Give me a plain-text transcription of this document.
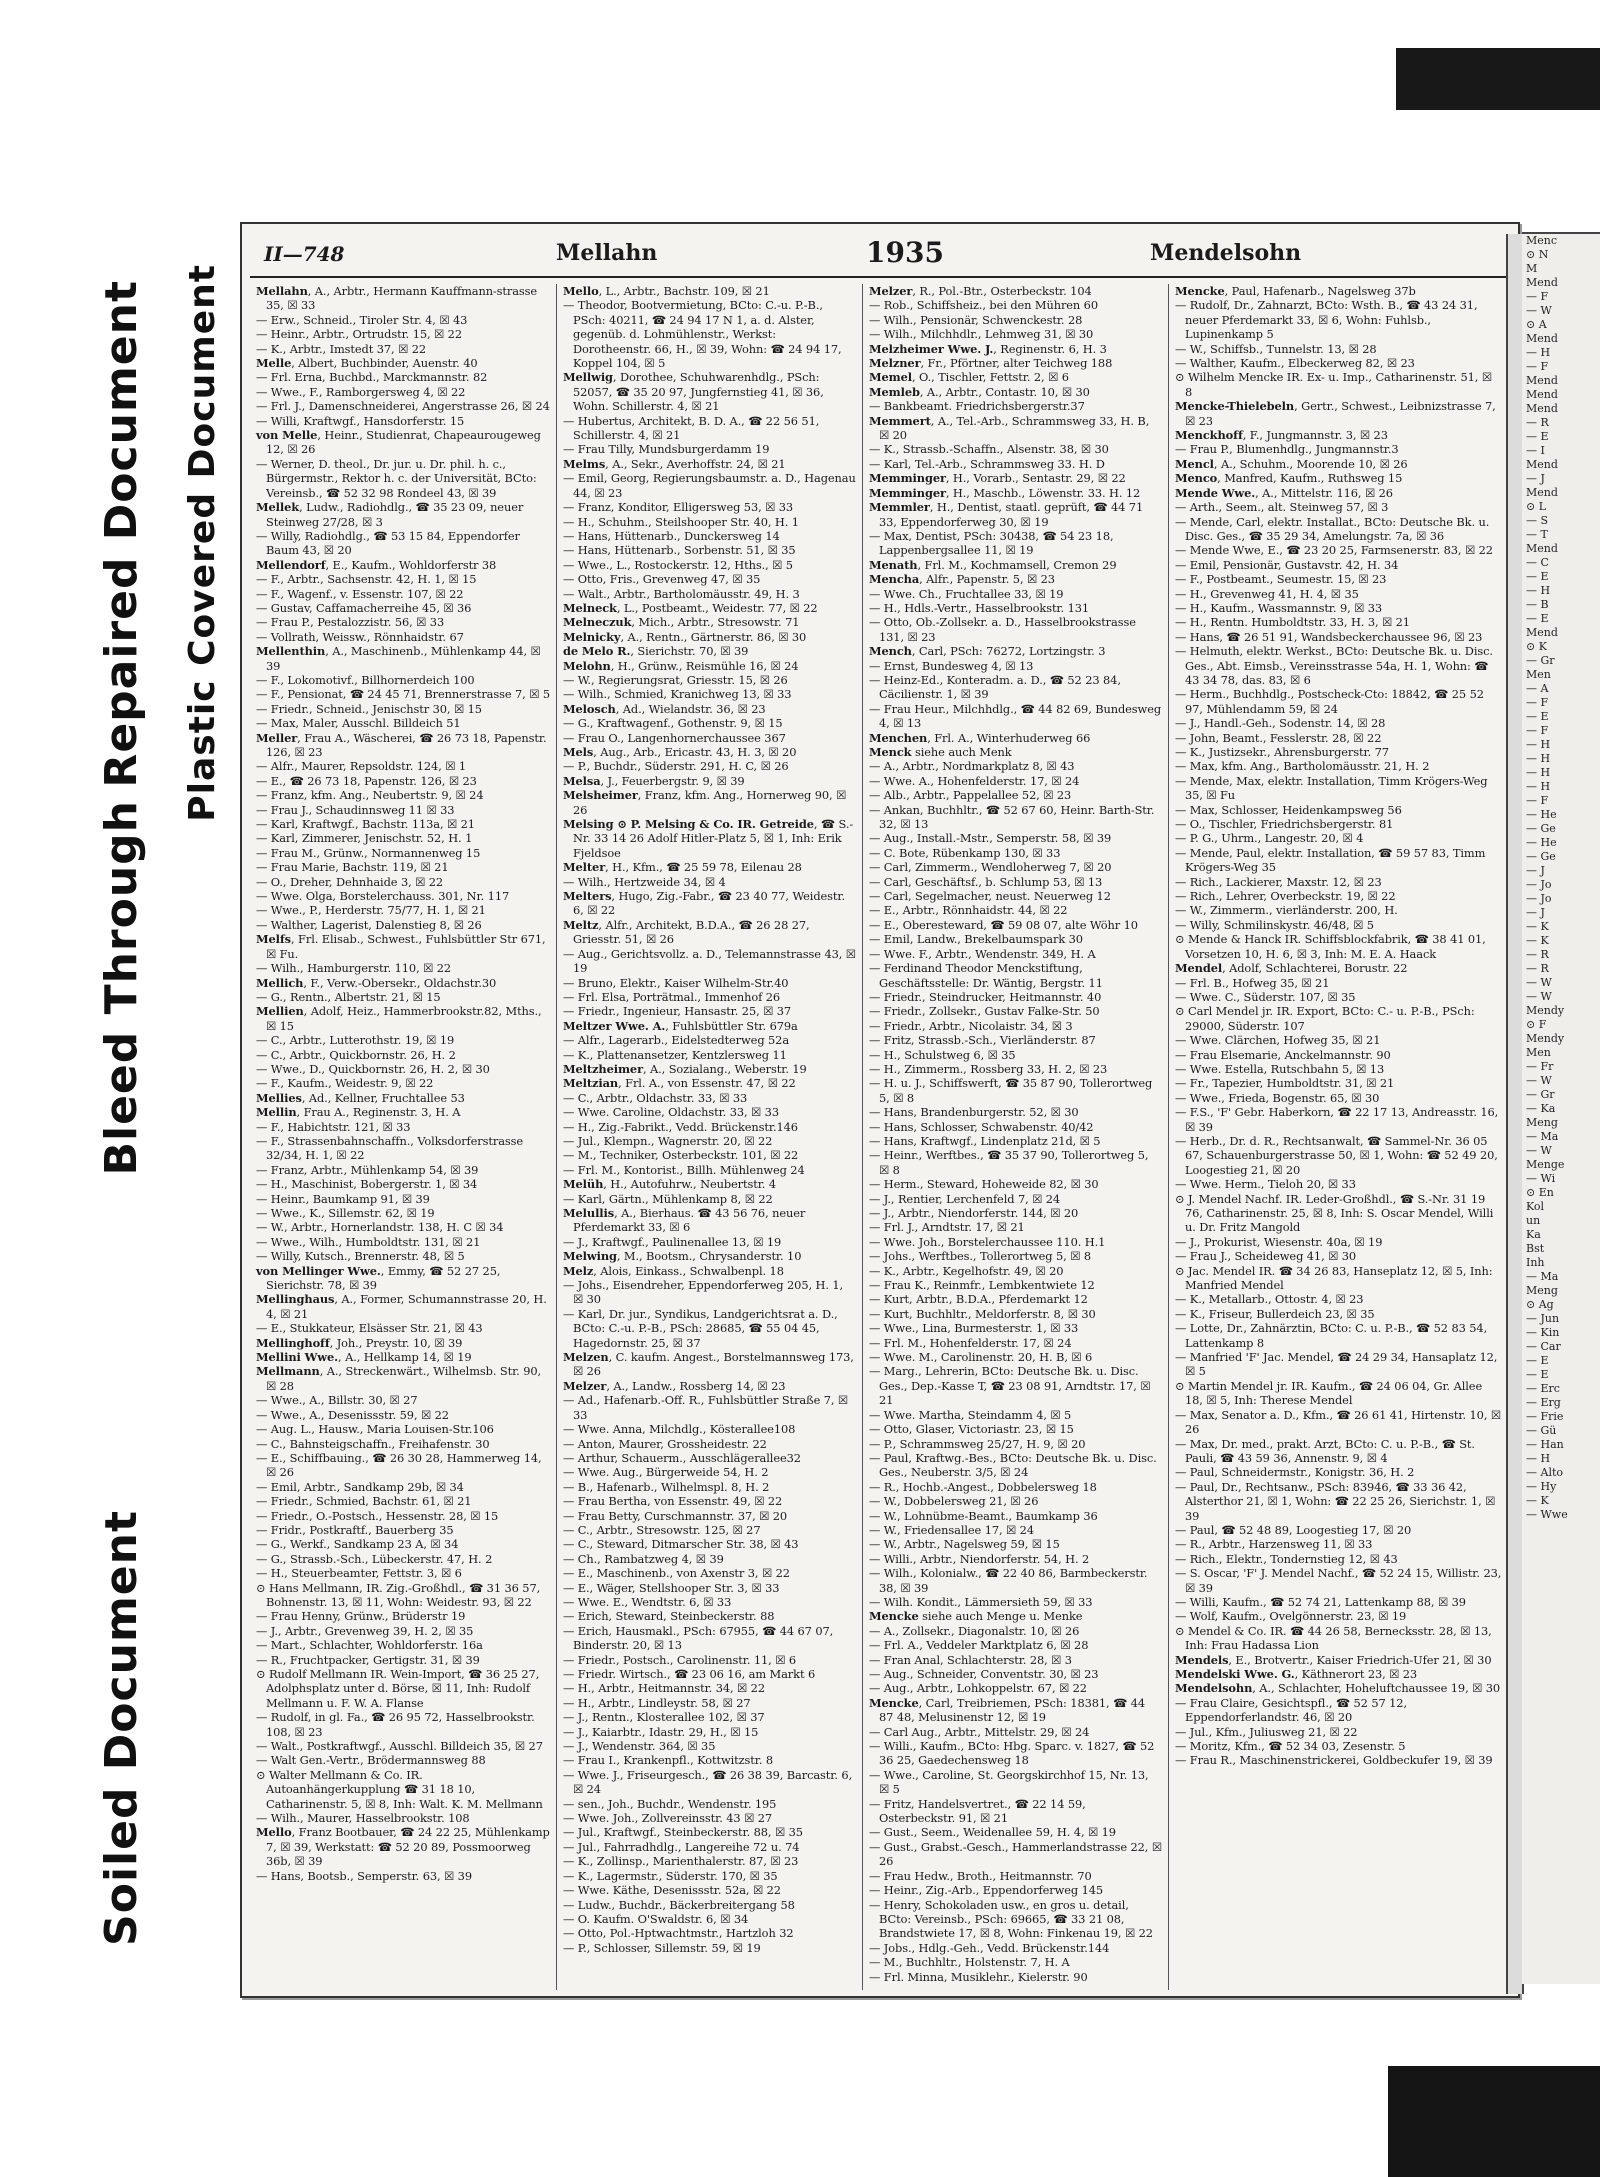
Soiled Document
Bleed Through
Repaired Document Plastic Covered Document
II—748	Mellahn	1935	Mendelsohn

Mellahn, A., Arbtr., Hermann Kauffmann-strasse 35, ☒ 33

— Erw., Schneid., Tiroler Str. 4, ☒ 43

— Heinr., Arbtr., Ortrudstr. 15, ☒ 22

— K., Arbtr., Imstedt 37, ☒ 22

Melle, Albert, Buchbinder, Auenstr. 40

— Frl. Erna, Buchbd., Marckmannstr. 82

— Wwe., F., Ramborgersweg 4, ☒ 22

— Frl. J., Damenschneiderei, Angerstrasse 26, ☒ 24

— Willi, Kraftwgf., Hansdorferstr. 15

von Melle, Heinr., Studienrat, Chapeaurougeweg 12, ☒ 26

— Werner, D. theol., Dr. jur. u. Dr. phil. h. c., Bürgermstr., Rektor h. c. der Universität, BCto: Vereinsb., ☎ 52 32 98 Rondeel 43, ☒ 39

Mellek, Ludw., Radiohdlg., ☎ 35 23 09, neuer Steinweg 27/28, ☒ 3

— Willy, Radiohdlg., ☎ 53 15 84, Eppendorfer Baum 43, ☒ 20

Mellendorf, E., Kaufm., Wohldorferstr 38

— F., Arbtr., Sachsenstr. 42, H. 1, ☒ 15

— F., Wagenf., v. Essenstr. 107, ☒ 22

— Gustav, Caffamacherreihe 45, ☒ 36

— Frau P., Pestalozzistr. 56, ☒ 33

— Vollrath, Weissw., Rönnhaidstr. 67

Mellenthin, A., Maschinenb., Mühlenkamp 44, ☒ 39

— F., Lokomotivf., Billhornerdeich 100

— F., Pensionat, ☎ 24 45 71, Brennerstrasse 7, ☒ 5

— Friedr., Schneid., Jenischstr 30, ☒ 15

— Max, Maler, Ausschl. Billdeich 51

Meller, Frau A., Wäscherei, ☎ 26 73 18, Papenstr. 126, ☒ 23

— Alfr., Maurer, Repsoldstr. 124, ☒ 1

— E., ☎ 26 73 18, Papenstr. 126, ☒ 23

— Franz, kfm. Ang., Neubertstr. 9, ☒ 24

— Frau J., Schaudinnsweg 11 ☒ 33

— Karl, Kraftwgf., Bachstr. 113a, ☒ 21

— Karl, Zimmerer, Jenischstr. 52, H. 1

— Frau M., Grünw., Normannenweg 15

— Frau Marie, Bachstr. 119, ☒ 21

— O., Dreher, Dehnhaide 3, ☒ 22

— Wwe. Olga, Borstelerchauss. 301, Nr. 117

— Wwe., P., Herderstr. 75/77, H. 1, ☒ 21

— Walther, Lagerist, Dalenstieg 8, ☒ 26

Melfs, Frl. Elisab., Schwest., Fuhlsbüttler Str 671, ☒ Fu.

— Wilh., Hamburgerstr. 110, ☒ 22

Mellich, F., Verw.-Obersekr., Oldachstr.30

— G., Rentn., Albertstr. 21, ☒ 15

Mellien, Adolf, Heiz., Hammerbrookstr.82, Mths., ☒ 15

— C., Arbtr., Lutterothstr. 19, ☒ 19

— C., Arbtr., Quickbornstr. 26, H. 2

— Wwe., D., Quickbornstr. 26, H. 2, ☒ 30

— F., Kaufm., Weidestr. 9, ☒ 22

Mellies, Ad., Kellner, Fruchtallee 53

Mellin, Frau A., Reginenstr. 3, H. A

— F., Habichtstr. 121, ☒ 33

— F., Strassenbahnschaffn., Volksdorferstrasse 32/34, H. 1, ☒ 22

— Franz, Arbtr., Mühlenkamp 54, ☒ 39

— H., Maschinist, Bobergerstr. 1, ☒ 34

— Heinr., Baumkamp 91, ☒ 39

— Wwe., K., Sillemstr. 62, ☒ 19

— W., Arbtr., Hornerlandstr. 138, H. C ☒ 34

— Wwe., Wilh., Humboldtstr. 131, ☒ 21

— Willy, Kutsch., Brennerstr. 48, ☒ 5

von Mellinger Wwe., Emmy, ☎ 52 27 25, Sierichstr. 78, ☒ 39

Mellinghaus, A., Former, Schumannstrasse 20, H. 4, ☒ 21

— E., Stukkateur, Elsässer Str. 21, ☒ 43

Mellinghoff, Joh., Preystr. 10, ☒ 39

Mellini Wwe., A., Hellkamp 14, ☒ 19

Mellmann, A., Streckenwärt., Wilhelmsb. Str. 90, ☒ 28

— Wwe., A., Billstr. 30, ☒ 27

— Wwe., A., Desenissstr. 59, ☒ 22

— Aug. L., Hausw., Maria Louisen-Str.106

— C., Bahnsteigschaffn., Freihafenstr. 30

— E., Schiffbauing., ☎ 26 30 28, Hammerweg 14, ☒ 26

— Emil, Arbtr., Sandkamp 29b, ☒ 34

— Friedr., Schmied, Bachstr. 61, ☒ 21

— Friedr., O.-Postsch., Hessenstr. 28, ☒ 15

— Fridr., Postkraftf., Bauerberg 35

— G., Werkf., Sandkamp 23 A, ☒ 34

— G., Strassb.-Sch., Lübeckerstr. 47, H. 2

— H., Steuerbeamter, Fettstr. 3, ☒ 6

⊙ Hans Mellmann, IR. Zig.-Großhdl., ☎ 31 36 57, Bohnenstr. 13, ☒ 11, Wohn: Weidestr. 93, ☒ 22

— Frau Henny, Grünw., Brüderstr 19

— J., Arbtr., Grevenweg 39, H. 2, ☒ 35

— Mart., Schlachter, Wohldorferstr. 16a

— R., Fruchtpacker, Gertigstr. 31, ☒ 39

⊙ Rudolf Mellmann IR. Wein-Import, ☎ 36 25 27, Adolphsplatz unter d. Börse, ☒ 11, Inh: Rudolf Mellmann u. F. W. A. Flanse

— Rudolf, in gl. Fa., ☎ 26 95 72, Hasselbrookstr. 108, ☒ 23

— Walt., Postkraftwgf., Ausschl. Billdeich 35, ☒ 27

— Walt Gen.-Vertr., Brödermannsweg 88

⊙ Walter Mellmann & Co. IR. Autoanhängerkupplung ☎ 31 18 10, Catharinenstr. 5, ☒ 8, Inh: Walt. K. M. Mellmann

— Wilh., Maurer, Hasselbrookstr. 108

Mello, Franz Bootbauer, ☎ 24 22 25, Mühlenkamp 7, ☒ 39, Werkstatt: ☎ 52 20 89, Possmoorweg 36b, ☒ 39

— Hans, Bootsb., Semperstr. 63, ☒ 39

Mello, L., Arbtr., Bachstr. 109, ☒ 21

— Theodor, Bootvermietung, BCto: C.-u. P.-B., PSch: 40211, ☎ 24 94 17 N 1, a. d. Alster, gegenüb. d. Lohmühlenstr., Werkst: Dorotheenstr. 66, H., ☒ 39, Wohn: ☎ 24 94 17, Koppel 104, ☒ 5

Mellwig, Dorothee, Schuhwarenhdlg., PSch: 52057, ☎ 35 20 97, Jungfernstieg 41, ☒ 36, Wohn. Schillerstr. 4, ☒ 21

— Hubertus, Architekt, B. D. A., ☎ 22 56 51, Schillerstr. 4, ☒ 21

— Frau Tilly, Mundsburgerdamm 19

Melms, A., Sekr., Averhoffstr. 24, ☒ 21

— Emil, Georg, Regierungsbaumstr. a. D., Hagenau 44, ☒ 23

— Franz, Konditor, Elligersweg 53, ☒ 33

— H., Schuhm., Steilshooper Str. 40, H. 1

— Hans, Hüttenarb., Dunckersweg 14

— Hans, Hüttenarb., Sorbenstr. 51, ☒ 35

— Wwe., L., Rostockerstr. 12, Hths., ☒ 5

— Otto, Fris., Grevenweg 47, ☒ 35

— Walt., Arbtr., Bartholomäusstr. 49, H. 3

Melneck, L., Postbeamt., Weidestr. 77, ☒ 22

Melneczuk, Mich., Arbtr., Stresowstr. 71

Melnicky, A., Rentn., Gärtnerstr. 86, ☒ 30

de Melo R., Sierichstr. 70, ☒ 39

Melohn, H., Grünw., Reismühle 16, ☒ 24

— W., Regierungsrat, Griesstr. 15, ☒ 26

— Wilh., Schmied, Kranichweg 13, ☒ 33

Melosch, Ad., Wielandstr. 36, ☒ 23

— G., Kraftwagenf., Gothenstr. 9, ☒ 15

— Frau O., Langenhornerchaussee 367

Mels, Aug., Arb., Ericastr. 43, H. 3, ☒ 20

— P., Buchdr., Süderstr. 291, H. C, ☒ 26

Melsa, J., Feuerbergstr. 9, ☒ 39

Melsheimer, Franz, kfm. Ang., Hornerweg 90, ☒ 26

Melsing ⊙ P. Melsing & Co. IR. Getreide, ☎ S.-Nr. 33 14 26 Adolf Hitler-Platz 5, ☒ 1, Inh: Erik Fjeldsoe

Melter, H., Kfm., ☎ 25 59 78, Eilenau 28

— Wilh., Hertzweide 34, ☒ 4

Melters, Hugo, Zig.-Fabr., ☎ 23 40 77, Weidestr. 6, ☒ 22

Meltz, Alfr., Architekt, B.D.A., ☎ 26 28 27, Griesstr. 51, ☒ 26

— Aug., Gerichtsvollz. a. D., Telemannstrasse 43, ☒ 19

— Bruno, Elektr., Kaiser Wilhelm-Str.40

— Frl. Elsa, Porträtmal., Immenhof 26

— Friedr., Ingenieur, Hansastr. 25, ☒ 37

Meltzer Wwe. A., Fuhlsbüttler Str. 679a

— Alfr., Lagerarb., Eidelstedterweg 52a

— K., Plattenansetzer, Kentzlersweg 11

Meltzheimer, A., Sozialang., Weberstr. 19

Meltzian, Frl. A., von Essenstr. 47, ☒ 22

— C., Arbtr., Oldachstr. 33, ☒ 33

— Wwe. Caroline, Oldachstr. 33, ☒ 33

— H., Zig.-Fabrikt., Vedd. Brückenstr.146

— Jul., Klempn., Wagnerstr. 20, ☒ 22

— M., Techniker, Osterbeckstr. 101, ☒ 22

— Frl. M., Kontorist., Billh. Mühlenweg 24

Melüh, H., Autofuhrw., Neubertstr. 4

— Karl, Gärtn., Mühlenkamp 8, ☒ 22

Melullis, A., Bierhaus. ☎ 43 56 76, neuer Pferdemarkt 33, ☒ 6

— J., Kraftwgf., Paulinenallee 13, ☒ 19

Melwing, M., Bootsm., Chrysanderstr. 10

Melz, Alois, Einkass., Schwalbenpl. 18

— Johs., Eisendreher, Eppendorferweg 205, H. 1, ☒ 30

— Karl, Dr. jur., Syndikus, Landgerichtsrat a. D., BCto: C.-u. P.-B., PSch: 28685, ☎ 55 04 45, Hagedornstr. 25, ☒ 37

Melzen, C. kaufm. Angest., Borstelmannsweg 173, ☒ 26

Melzer, A., Landw., Rossberg 14, ☒ 23

— Ad., Hafenarb.-Off. R., Fuhlsbüttler Straße 7, ☒ 33

— Wwe. Anna, Milchdlg., Kösterallee108

— Anton, Maurer, Grossheidestr. 22

— Arthur, Schauerm., Ausschlägerallee32

— Wwe. Aug., Bürgerweide 54, H. 2

— B., Hafenarb., Wilhelmspl. 8, H. 2

— Frau Bertha, von Essenstr. 49, ☒ 22

— Frau Betty, Curschmannstr. 37, ☒ 20

— C., Arbtr., Stresowstr. 125, ☒ 27

— C., Steward, Ditmarscher Str. 38, ☒ 43

— Ch., Rambatzweg 4, ☒ 39

— E., Maschinenb., von Axenstr 3, ☒ 22

— E., Wäger, Stellshooper Str. 3, ☒ 33

— Wwe. E., Wendtstr. 6, ☒ 33

— Erich, Steward, Steinbeckerstr. 88

— Erich, Hausmakl., PSch: 67955, ☎ 44 67 07, Binderstr. 20, ☒ 13

— Friedr., Postsch., Carolinenstr. 11, ☒ 6

— Friedr. Wirtsch., ☎ 23 06 16, am Markt 6

— H., Arbtr., Heitmannstr. 34, ☒ 22

— H., Arbtr., Lindleystr. 58, ☒ 27

— J., Rentn., Klosterallee 102, ☒ 37

— J., Kaiarbtr., Idastr. 29, H., ☒ 15

— J., Wendenstr. 364, ☒ 35

— Frau I., Krankenpfl., Kottwitzstr. 8

— Wwe. J., Friseurgesch., ☎ 26 38 39, Barcastr. 6, ☒ 24

— sen., Joh., Buchdr., Wendenstr. 195

— Wwe. Joh., Zollvereinsstr. 43 ☒ 27

— Jul., Kraftwgf., Steinbeckerstr. 88, ☒ 35

— Jul., Fahrradhdlg., Langereihe 72 u. 74

— K., Zollinsp., Marienthalerstr. 87, ☒ 23

— K., Lagermstr., Süderstr. 170, ☒ 35

— Wwe. Käthe, Desenissstr. 52a, ☒ 22

— Ludw., Buchdr., Bäckerbreitergang 58

— O. Kaufm. O'Swaldstr. 6, ☒ 34

— Otto, Pol.-Hptwachtmstr., Hartzloh 32

— P., Schlosser, Sillemstr. 59, ☒ 19

Melzer, R., Pol.-Btr., Osterbeckstr. 104

— Rob., Schiffsheiz., bei den Mühren 60

— Wilh., Pensionär, Schwenckestr. 28

— Wilh., Milchhdlr., Lehmweg 31, ☒ 30

Melzheimer Wwe. J., Reginenstr. 6, H. 3

Melzner, Fr., Pförtner, alter Teichweg 188

Memel, O., Tischler, Fettstr. 2, ☒ 6

Memleb, A., Arbtr., Contastr. 10, ☒ 30

— Bankbeamt. Friedrichsbergerstr.37

Memmert, A., Tel.-Arb., Schrammsweg 33, H. B, ☒ 20

— K., Strassb.-Schaffn., Alsenstr. 38, ☒ 30

— Karl, Tel.-Arb., Schrammsweg 33. H. D

Memminger, H., Vorarb., Sentastr. 29, ☒ 22

Memminger, H., Maschb., Löwenstr. 33. H. 12

Memmler, H., Dentist, staatl. geprüft, ☎ 44 71 33, Eppendorferweg 30, ☒ 19

— Max, Dentist, PSch: 30438, ☎ 54 23 18, Lappenbergsallee 11, ☒ 19

Menath, Frl. M., Kochmamsell, Cremon 29

Mencha, Alfr., Papenstr. 5, ☒ 23

— Wwe. Ch., Fruchtallee 33, ☒ 19

— H., Hdls.-Vertr., Hasselbrookstr. 131

— Otto, Ob.-Zollsekr. a. D., Hasselbrookstrasse 131, ☒ 23

Mench, Carl, PSch: 76272, Lortzingstr. 3

— Ernst, Bundesweg 4, ☒ 13

— Heinz-Ed., Konteradm. a. D., ☎ 52 23 84, Cäcilienstr. 1, ☒ 39

— Frau Heur., Milchhdlg., ☎ 44 82 69, Bundesweg 4, ☒ 13

Menchen, Frl. A., Winterhuderweg 66

Menck siehe auch Menk

— A., Arbtr., Nordmarkplatz 8, ☒ 43

— Wwe. A., Hohenfelderstr. 17, ☒ 24

— Alb., Arbtr., Pappelallee 52, ☒ 23

— Ankan, Buchhltr., ☎ 52 67 60, Heinr. Barth-Str. 32, ☒ 13

— Aug., Install.-Mstr., Semperstr. 58, ☒ 39

— C. Bote, Rübenkamp 130, ☒ 33

— Carl, Zimmerm., Wendloherweg 7, ☒ 20

— Carl, Geschäftsf., b. Schlump 53, ☒ 13

— Carl, Segelmacher, neust. Neuerweg 12

— E., Arbtr., Rönnhaidstr. 44, ☒ 22

— E., Oberesteward, ☎ 59 08 07, alte Wöhr 10

— Emil, Landw., Brekelbaumspark 30

— Wwe. F., Arbtr., Wendenstr. 349, H. A

— Ferdinand Theodor Menckstiftung, Geschäftsstelle: Dr. Wäntig, Bergstr. 11

— Friedr., Steindrucker, Heitmannstr. 40

— Friedr., Zollsekr., Gustav Falke-Str. 50

— Friedr., Arbtr., Nicolaistr. 34, ☒ 3

— Fritz, Strassb.-Sch., Vierländerstr. 87

— H., Schulstweg 6, ☒ 35

— H., Zimmerm., Rossberg 33, H. 2, ☒ 23

— H. u. J., Schiffswerft, ☎ 35 87 90, Tollerortweg 5, ☒ 8

— Hans, Brandenburgerstr. 52, ☒ 30

— Hans, Schlosser, Schwabenstr. 40/42

— Hans, Kraftwgf., Lindenplatz 21d, ☒ 5

— Heinr., Werftbes., ☎ 35 37 90, Tollerortweg 5, ☒ 8

— Herm., Steward, Hoheweide 82, ☒ 30

— J., Rentier, Lerchenfeld 7, ☒ 24

— J., Arbtr., Niendorferstr. 144, ☒ 20

— Frl. J., Arndtstr. 17, ☒ 21

— Wwe. Joh., Borstelerchaussee 110. H.1

— Johs., Werftbes., Tollerortweg 5, ☒ 8

— K., Arbtr., Kegelhofstr. 49, ☒ 20

— Frau K., Reinmfr., Lembkentwiete 12

— Kurt, Arbtr., B.D.A., Pferdemarkt 12

— Kurt, Buchhltr., Meldorferstr. 8, ☒ 30

— Wwe., Lina, Burmesterstr. 1, ☒ 33

— Frl. M., Hohenfelderstr. 17, ☒ 24

— Wwe. M., Carolinenstr. 20, H. B, ☒ 6

— Marg., Lehrerin, BCto: Deutsche Bk. u. Disc. Ges., Dep.-Kasse T, ☎ 23 08 91, Arndtstr. 17, ☒ 21

— Wwe. Martha, Steindamm 4, ☒ 5

— Otto, Glaser, Victoriastr. 23, ☒ 15

— P., Schrammsweg 25/27, H. 9, ☒ 20

— Paul, Kraftwg.-Bes., BCto: Deutsche Bk. u. Disc. Ges., Neuberstr. 3/5, ☒ 24

— R., Hochb.-Angest., Dobbelersweg 18

— W., Dobbelersweg 21, ☒ 26

— W., Lohnübme-Beamt., Baumkamp 36

— W., Friedensallee 17, ☒ 24

— W., Arbtr., Nagelsweg 59, ☒ 15

— Willi., Arbtr., Niendorferstr. 54, H. 2

— Wilh., Kolonialw., ☎ 22 40 86, Barmbeckerstr. 38, ☒ 39

— Wilh. Kondit., Lämmersieth 59, ☒ 33

Mencke siehe auch Menge u. Menke

— A., Zollsekr., Diagonalstr. 10, ☒ 26

— Frl. A., Veddeler Marktplatz 6, ☒ 28

— Fran Anal, Schlachterstr. 28, ☒ 3

— Aug., Schneider, Conventstr. 30, ☒ 23

— Aug., Arbtr., Lohkoppelstr. 67, ☒ 22

Mencke, Carl, Treibriemen, PSch: 18381, ☎ 44 87 48, Melusinenstr 12, ☒ 19

— Carl Aug., Arbtr., Mittelstr. 29, ☒ 24

— Willi., Kaufm., BCto: Hbg. Sparc. v. 1827, ☎ 52 36 25, Gaedechensweg 18

— Wwe., Caroline, St. Georgskirchhof 15, Nr. 13, ☒ 5

— Fritz, Handelsvertret., ☎ 22 14 59, Osterbeckstr. 91, ☒ 21

— Gust., Seem., Weidenallee 59, H. 4, ☒ 19

— Gust., Grabst.-Gesch., Hammerlandstrasse 22, ☒ 26

— Frau Hedw., Broth., Heitmannstr. 70

— Heinr., Zig.-Arb., Eppendorferweg 145

— Henry, Schokoladen usw., en gros u. detail, BCto: Vereinsb., PSch: 69665, ☎ 33 21 08, Brandstwiete 17, ☒ 8, Wohn: Finkenau 19, ☒ 22

— Jobs., Hdlg.-Geh., Vedd. Brückenstr.144

— M., Buchhltr., Holstenstr. 7, H. A

— Frl. Minna, Musiklehr., Kielerstr. 90

Mencke, Paul, Hafenarb., Nagelsweg 37b

— Rudolf, Dr., Zahnarzt, BCto: Wsth. B., ☎ 43 24 31, neuer Pferdemarkt 33, ☒ 6, Wohn: Fuhlsb., Lupinenkamp 5

— W., Schiffsb., Tunnelstr. 13, ☒ 28

— Walther, Kaufm., Elbeckerweg 82, ☒ 23

⊙ Wilhelm Mencke IR. Ex- u. Imp., Catharinenstr. 51, ☒ 8

Mencke-Thielebeln, Gertr., Schwest., Leibnizstrasse 7, ☒ 23

Menckhoff, F., Jungmannstr. 3, ☒ 23

— Frau P., Blumenhdlg., Jungmannstr.3

Mencl, A., Schuhm., Moorende 10, ☒ 26

Menco, Manfred, Kaufm., Ruthsweg 15

Mende Wwe., A., Mittelstr. 116, ☒ 26

— Arth., Seem., alt. Steinweg 57, ☒ 3

— Mende, Carl, elektr. Installat., BCto: Deutsche Bk. u. Disc. Ges., ☎ 35 29 34, Amelungstr. 7a, ☒ 36

— Mende Wwe, E., ☎ 23 20 25, Farmsenerstr. 83, ☒ 22

— Emil, Pensionär, Gustavstr. 42, H. 34

— F., Postbeamt., Seumestr. 15, ☒ 23

— H., Grevenweg 41, H. 4, ☒ 35

— H., Kaufm., Wassmannstr. 9, ☒ 33

— H., Rentn. Humboldtstr. 33, H. 3, ☒ 21

— Hans, ☎ 26 51 91, Wandsbeckerchaussee 96, ☒ 23

— Helmuth, elektr. Werkst., BCto: Deutsche Bk. u. Disc. Ges., Abt. Eimsb., Vereinsstrasse 54a, H. 1, Wohn: ☎ 43 34 78, das. 83, ☒ 6

— Herm., Buchhdlg., Postscheck-Cto: 18842, ☎ 25 52 97, Mühlendamm 59, ☒ 24

— J., Handl.-Geh., Sodenstr. 14, ☒ 28

— John, Beamt., Fesslerstr. 28, ☒ 22

— K., Justizsekr., Ahrensburgerstr. 77

— Max, kfm. Ang., Bartholomäusstr. 21, H. 2

— Mende, Max, elektr. Installation, Timm Krögers-Weg 35, ☒ Fu

— Max, Schlosser, Heidenkampsweg 56

— O., Tischler, Friedrichsbergerstr. 81

— P. G., Uhrm., Langestr. 20, ☒ 4

— Mende, Paul, elektr. Installation, ☎ 59 57 83, Timm Krögers-Weg 35

— Rich., Lackierer, Maxstr. 12, ☒ 23

— Rich., Lehrer, Overbeckstr. 19, ☒ 22

— W., Zimmerm., vierländerstr. 200, H.

— Willy, Schmilinskystr. 46/48, ☒ 5

⊙ Mende & Hanck IR. Schiffsblockfabrik, ☎ 38 41 01, Vorsetzen 10, H. 6, ☒ 3, Inh: M. E. A. Haack

Mendel, Adolf, Schlachterei, Borustr. 22

— Frl. B., Hofweg 35, ☒ 21

— Wwe. C., Süderstr. 107, ☒ 35

⊙ Carl Mendel jr. IR. Export, BCto: C.- u. P.-B., PSch: 29000, Süderstr. 107

— Wwe. Clärchen, Hofweg 35, ☒ 21

— Frau Elsemarie, Anckelmannstr. 90

— Wwe. Estella, Rutschbahn 5, ☒ 13

— Fr., Tapezier, Humboldtstr. 31, ☒ 21

— Wwe., Frieda, Bogenstr. 65, ☒ 30

— F.S., 'F' Gebr. Haberkorn, ☎ 22 17 13, Andreasstr. 16, ☒ 39

— Herb., Dr. d. R., Rechtsanwalt, ☎ Sammel-Nr. 36 05 67, Schauenburgerstrasse 50, ☒ 1, Wohn: ☎ 52 49 20, Loogestieg 21, ☒ 20

— Wwe. Herm., Tieloh 20, ☒ 33

⊙ J. Mendel Nachf. IR. Leder-Großhdl., ☎ S.-Nr. 31 19 76, Catharinenstr. 25, ☒ 8, Inh: S. Oscar Mendel, Willi u. Dr. Fritz Mangold

— J., Prokurist, Wiesenstr. 40a, ☒ 19

— Frau J., Scheideweg 41, ☒ 30

⊙ Jac. Mendel IR. ☎ 34 26 83, Hanseplatz 12, ☒ 5, Inh: Manfried Mendel

— K., Metallarb., Ottostr. 4, ☒ 23

— K., Friseur, Bullerdeich 23, ☒ 35

— Lotte, Dr., Zahnärztin, BCto: C. u. P.-B., ☎ 52 83 54, Lattenkamp 8

— Manfried 'F' Jac. Mendel, ☎ 24 29 34, Hansaplatz 12, ☒ 5

⊙ Martin Mendel jr. IR. Kaufm., ☎ 24 06 04, Gr. Allee 18, ☒ 5, Inh: Therese Mendel

— Max, Senator a. D., Kfm., ☎ 26 61 41, Hirtenstr. 10, ☒ 26

— Max, Dr. med., prakt. Arzt, BCto: C. u. P.-B., ☎ St. Pauli, ☎ 43 59 36, Annenstr. 9, ☒ 4

— Paul, Schneidermstr., Konigstr. 36, H. 2

— Paul, Dr., Rechtsanw., PSch: 83946, ☎ 33 36 42, Alsterthor 21, ☒ 1, Wohn: ☎ 22 25 26, Sierichstr. 1, ☒ 39

— Paul, ☎ 52 48 89, Loogestieg 17, ☒ 20

— R., Arbtr., Harzensweg 11, ☒ 33

— Rich., Elektr., Tondernstieg 12, ☒ 43

— S. Oscar, 'F' J. Mendel Nachf., ☎ 52 24 15, Willistr. 23, ☒ 39

— Willi, Kaufm., ☎ 52 74 21, Lattenkamp 88, ☒ 39

— Wolf, Kaufm., Ovelgönnerstr. 23, ☒ 19

⊙ Mendel & Co. IR. ☎ 44 26 58, Bernecksstr. 28, ☒ 13, Inh: Frau Hadassa Lion

Mendels, E., Brotvertr., Kaiser Friedrich-Ufer 21, ☒ 30

Mendelski Wwe. G., Käthnerort 23, ☒ 23

Mendelsohn, A., Schlachter, Hoheluftchaussee 19, ☒ 30

— Frau Claire, Gesichtspfl., ☎ 52 57 12, Eppendorferlandstr. 46, ☒ 20

— Jul., Kfm., Juliusweg 21, ☒ 22

— Moritz, Kfm., ☎ 52 34 03, Zesenstr. 5

— Frau R., Maschinenstrickerei, Goldbeckufer 19, ☒ 39

Menc
⊙ N
M
Mend
— F
— W
⊙ A
Mend
— H
— F
Mend
Mend
Mend
— R
— E
— I
Mend
— J
Mend
⊙ L
— S
— T
Mend
— C
— E
— H
— B
— E
Mend
⊙ K
— Gr
Men
— A
— F
— E
— F
— H
— H
— H
— H
— F
— He
— Ge
— He
— Ge
— J
— Jo
— Jo
— J
— K
— K
— R
— R
— W
— W
Mendy
⊙ F
Mendy
Men
— Fr
— W
— Gr
— Ka
Meng
— Ma
— W
Menge
— Wi
⊙ En
Kol
un
Ka
Bst
Inh
— Ma
Meng
⊙ Ag
— Jun
— Kin
— Car
— E
— E
— Erc
— Erg
— Frie
— Gü
— Han
— H
— Alto
— Hy
— K
— Wwe
